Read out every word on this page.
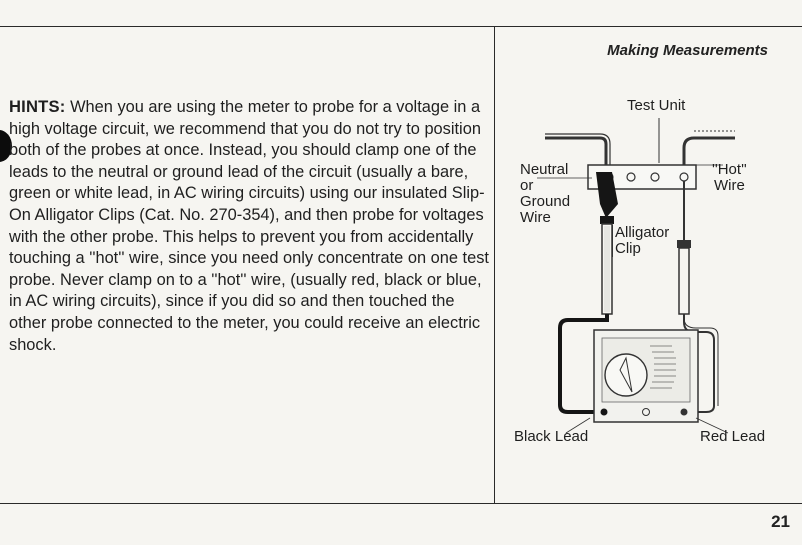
Making Measurements
HINTS: When you are using the meter to probe for a voltage in a high voltage circuit, we recommend that you do not try to position both of the probes at once. Instead, you should clamp one of the leads to the neutral or ground lead of the circuit (usually a bare, green or white lead, in AC wiring circuits) using our insulated Slip-On Alligator Clips (Cat. No. 270-354), and then probe for voltages with the other probe. This helps to prevent you from accidentally touching a ''hot'' wire, since you need only concentrate on one test probe. Never clamp on to a ''hot'' wire, (usually red, black or blue, in AC wiring circuits), since if you did so and then touched the other probe connected to the meter, you could receive an electric shock.
Test Unit
Neutral
or
Ground
Wire
''Hot''
Wire
Alligator
Clip
Black Lead	Red Lead
21
